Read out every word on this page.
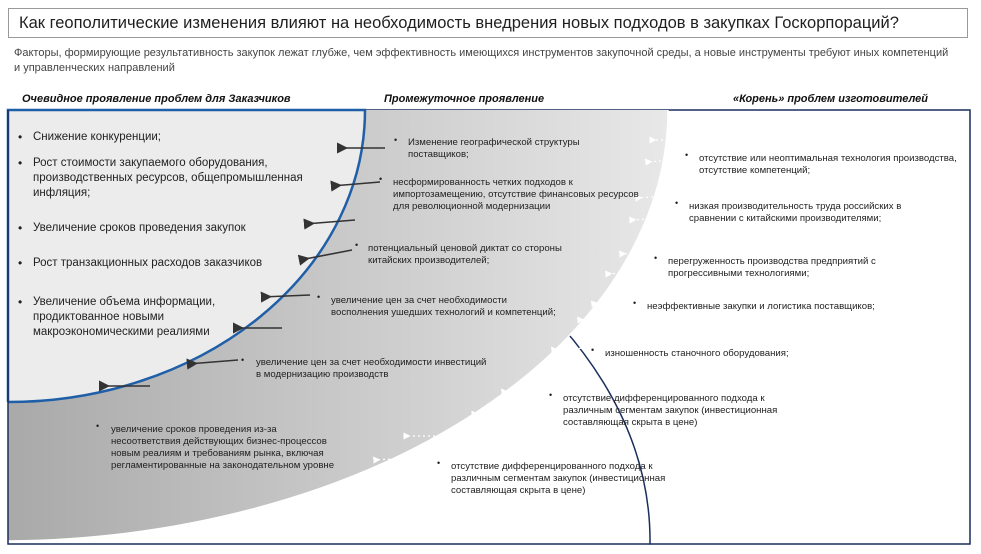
Как геополитические изменения влияют на необходимость внедрения новых подходов в закупках Госкорпораций?
Факторы, формирующие результативность закупок лежат глубже, чем эффективность имеющихся инструментов закупочной среды, а новые инструменты требуют иных компетенций и управленческих направлений
Очевидное проявление проблем для Заказчиков	Промежуточное проявление	«Корень» проблем изготовителей
• Снижение конкуренции;
• Рост стоимости закупаемого оборудования,
производственных ресурсов, общепромышленная
инфляция;
• Увеличение сроков проведения закупок
• Рост транзакционных расходов заказчиков
• Увеличение объема информации,
продиктованное новыми
макроэкономическими реалиями
• Изменение географической структуры
поставщиков;
• несформированность четких подходов к
импортозамещению, отсутствие финансовых ресурсов
для революционной модернизации
• потенциальный ценовой диктат со стороны
китайских производителей;
• увеличение цен за счет необходимости
восполнения ушедших технологий и компетенций;
• увеличение цен за счет необходимости инвестиций
в модернизацию производств
• увеличение сроков проведения из-за
несоответствия действующих бизнес-процессов
новым реалиям и требованиям рынка, включая
регламентированные на законодательном уровне
• отсутствие или неоптимальная технология производства,
отсутствие компетенций;
• низкая производительность труда российских в
сравнении с китайскими производителями;
• перегруженность производства предприятий с
прогрессивными технологиями;
• неэффективные закупки и логистика поставщиков;
• изношенность станочного оборудования;
• отсутствие дифференцированного подхода к
различным сегментам закупок (инвестиционная
составляющая скрыта в цене)
• отсутствие дифференцированного подхода к
различным сегментам закупок (инвестиционная
составляющая скрыта в цене)
